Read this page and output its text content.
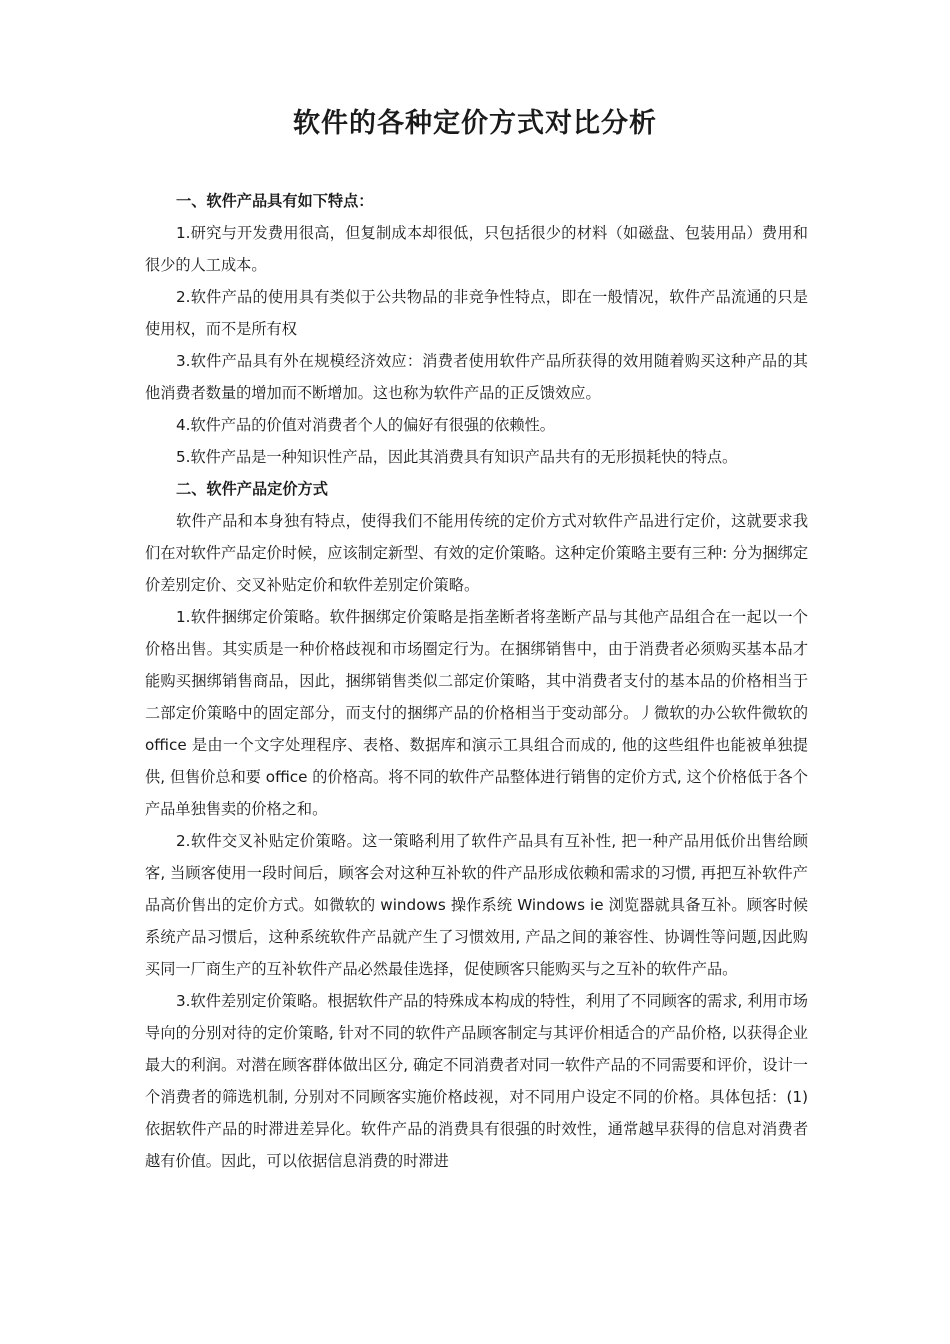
软件的各种定价方式对比分析

一、软件产品具有如下特点：

1.研究与开发费用很高，但复制成本却很低，只包括很少的材料（如磁盘、包装用品）费用和很少的人工成本。

2.软件产品的使用具有类似于公共物品的非竞争性特点，即在一般情况，软件产品流通的只是使用权，而不是所有权

3.软件产品具有外在规模经济效应：消费者使用软件产品所获得的效用随着购买这种产品的其他消费者数量的增加而不断增加。这也称为软件产品的正反馈效应。

4.软件产品的价值对消费者个人的偏好有很强的依赖性。

5.软件产品是一种知识性产品，因此其消费具有知识产品共有的无形损耗快的特点。

二、软件产品定价方式

软件产品和本身独有特点，使得我们不能用传统的定价方式对软件产品进行定价，这就要求我们在对软件产品定价时候，应该制定新型、有效的定价策略。这种定价策略主要有三种: 分为捆绑定价差别定价、交叉补贴定价和软件差别定价策略。

1.软件捆绑定价策略。软件捆绑定价策略是指垄断者将垄断产品与其他产品组合在一起以一个价格出售。其实质是一种价格歧视和市场圈定行为。在捆绑销售中，由于消费者必须购买基本品才能购买捆绑销售商品，因此，捆绑销售类似二部定价策略，其中消费者支付的基本品的价格相当于二部定价策略中的固定部分，而支付的捆绑产品的价格相当于变动部分。丿微软的办公软件微软的 office 是由一个文字处理程序、表格、数据库和演示工具组合而成的, 他的这些组件也能被单独提供, 但售价总和要 office 的价格高。将不同的软件产品整体进行销售的定价方式, 这个价格低于各个产品单独售卖的价格之和。

2.软件交叉补贴定价策略。这一策略利用了软件产品具有互补性, 把一种产品用低价出售给顾客, 当顾客使用一段时间后，顾客会对这种互补软的件产品形成依赖和需求的习惯, 再把互补软件产品高价售出的定价方式。如微软的 windows 操作系统 Windows ie 浏览器就具备互补。顾客时候系统产品习惯后，这种系统软件产品就产生了习惯效用, 产品之间的兼容性、协调性等问题,因此购买同一厂商生产的互补软件产品必然最佳选择，促使顾客只能购买与之互补的软件产品。

3.软件差别定价策略。根据软件产品的特殊成本构成的特性，利用了不同顾客的需求, 利用市场导向的分别对待的定价策略, 针对不同的软件产品顾客制定与其评价相适合的产品价格, 以获得企业最大的利润。对潜在顾客群体做出区分, 确定不同消费者对同一软件产品的不同需要和评价，设计一个消费者的筛选机制, 分别对不同顾客实施价格歧视，对不同用户设定不同的价格。具体包括：(1) 依据软件产品的时滞进差异化。软件产品的消费具有很强的时效性，通常越早获得的信息对消费者越有价值。因此，可以依据信息消费的时滞进
